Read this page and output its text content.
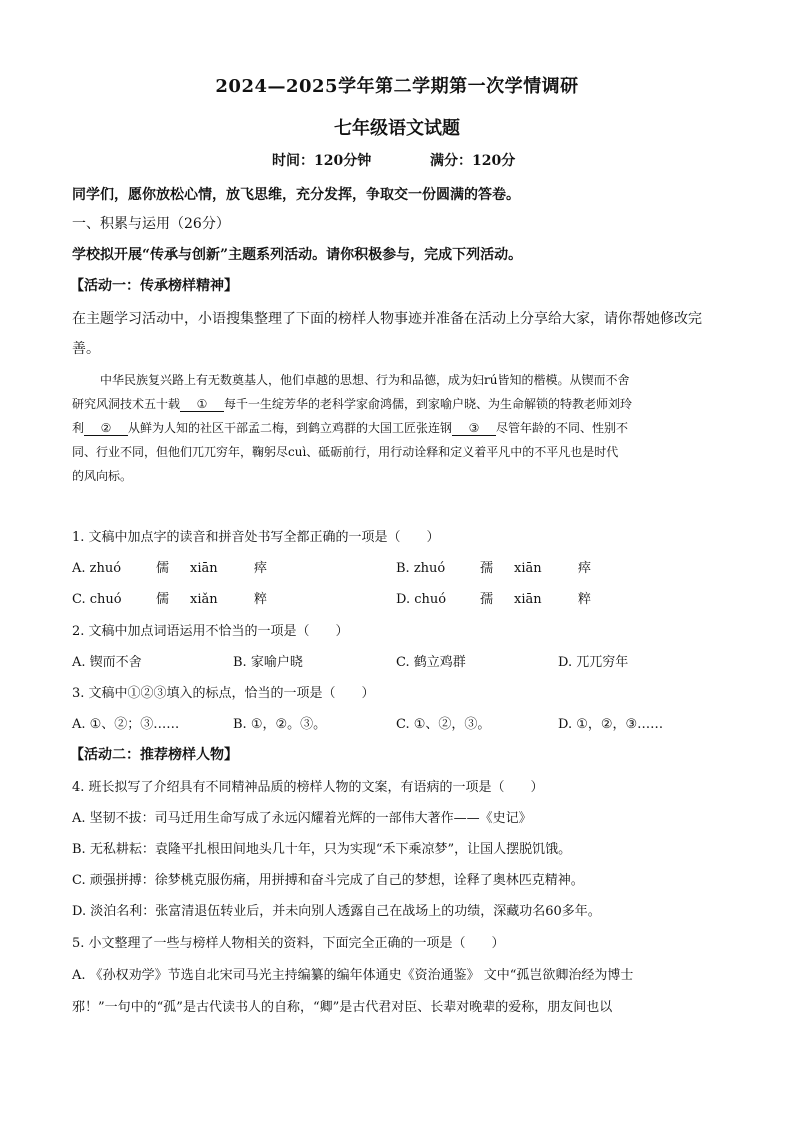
2024—2025学年第二学期第一次学情调研
七年级语文试题
时间：120分钟	满分：120分
同学们，愿你放松心情，放飞思维，充分发挥，争取交一份圆满的答卷。
一、积累与运用（26分）
学校拟开展“传承与创新”主题系列活动。请你积极参与，完成下列活动。
【活动一：传承榜样精神】
在主题学习活动中，小语搜集整理了下面的榜样人物事迹并准备在活动上分享给大家，请你帮她修改完
善。
中华民族复兴路上有无数奠基人，他们卓越的思想、行为和品德，成为妇rú皆知的楷模。从锲而不舍
研究风洞技术五十载 ① 每千一生绽芳华的老科学家俞鸿儒，到家喻户晓、为生命解锁的特教老师刘玲
利 ② 从鲜为人知的社区干部孟二梅，到鹤立鸡群的大国工匠张连钢 ③ 尽管年龄的不同、性别不
同、行业不同，但他们兀兀穷年，鞠躬尽cuì、砥砺前行，用行动诠释和定义着平凡中的不平凡也是时代
的风向标。
1. 文稿中加点字的读音和拼音处书写全都正确的一项是（　　）
A. zhuó	儒 xiān	瘁	B. zhuó	孺 xiān	瘁
C. chuó	儒 xiǎn	粹	D. chuó	孺 xiān	粹
2. 文稿中加点词语运用不恰当的一项是（　　）
A. 锲而不舍	B. 家喻户晓	C. 鹤立鸡群	D. 兀兀穷年
3. 文稿中①②③填入的标点，恰当的一项是（　　）
A. ①、②；③……	B. ①，②。③。	C. ①、②，③。	D. ①，②，③……
【活动二：推荐榜样人物】
4. 班长拟写了介绍具有不同精神品质的榜样人物的文案，有语病的一项是（　　）
A. 坚韧不拔：司马迁用生命写成了永远闪耀着光辉的一部伟大著作——《史记》
B. 无私耕耘：袁隆平扎根田间地头几十年，只为实现“禾下乘凉梦”，让国人摆脱饥饿。
C. 顽强拼搏：徐梦桃克服伤痛，用拼搏和奋斗完成了自己的梦想，诠释了奥林匹克精神。
D. 淡泊名利：张富清退伍转业后，并未向别人透露自己在战场上的功绩，深藏功名60多年。
5. 小文整理了一些与榜样人物相关的资料，下面完全正确的一项是（　　）
A. 《孙权劝学》节选自北宋司马光主持编纂的编年体通史《资治通鉴》 文中“孤岂欲卿治经为博士
邪！”一句中的“孤”是古代读书人的自称，“卿”是古代君对臣、长辈对晚辈的爱称，朋友间也以
